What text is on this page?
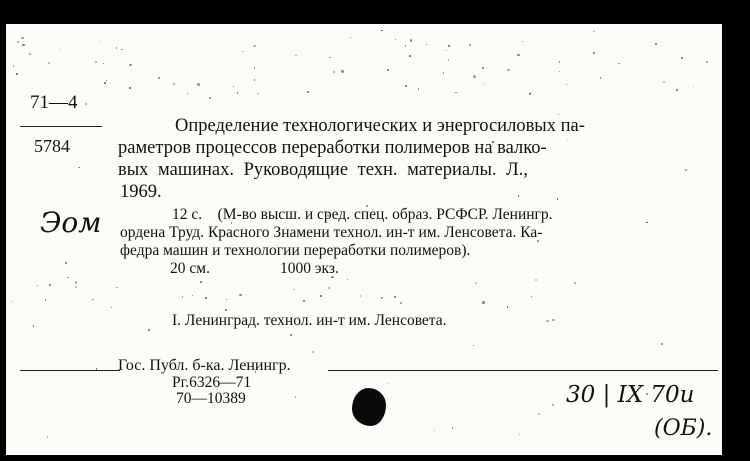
71—4
5784
Эом
Определение технологических и энергосиловых па-
раметров процессов переработки полимеров на валко-
вых машинах. Руководящие техн. материалы. Л.,
1969.
12 с.    (М-во высш. и сред. спец. образ. РСФСР. Ленингр.
ордена Труд. Красного Знамени технол. ин-т им. Ленсовета. Ка-
федра машин и технологии переработки полимеров).
20 см.	1000 экз.
I. Ленинград. технол. ин-т им. Ленсовета.
Гос. Публ. б-ка. Ленингр.
Рг.6326—71
70—10389	30 | IX 70и
(ОБ).
